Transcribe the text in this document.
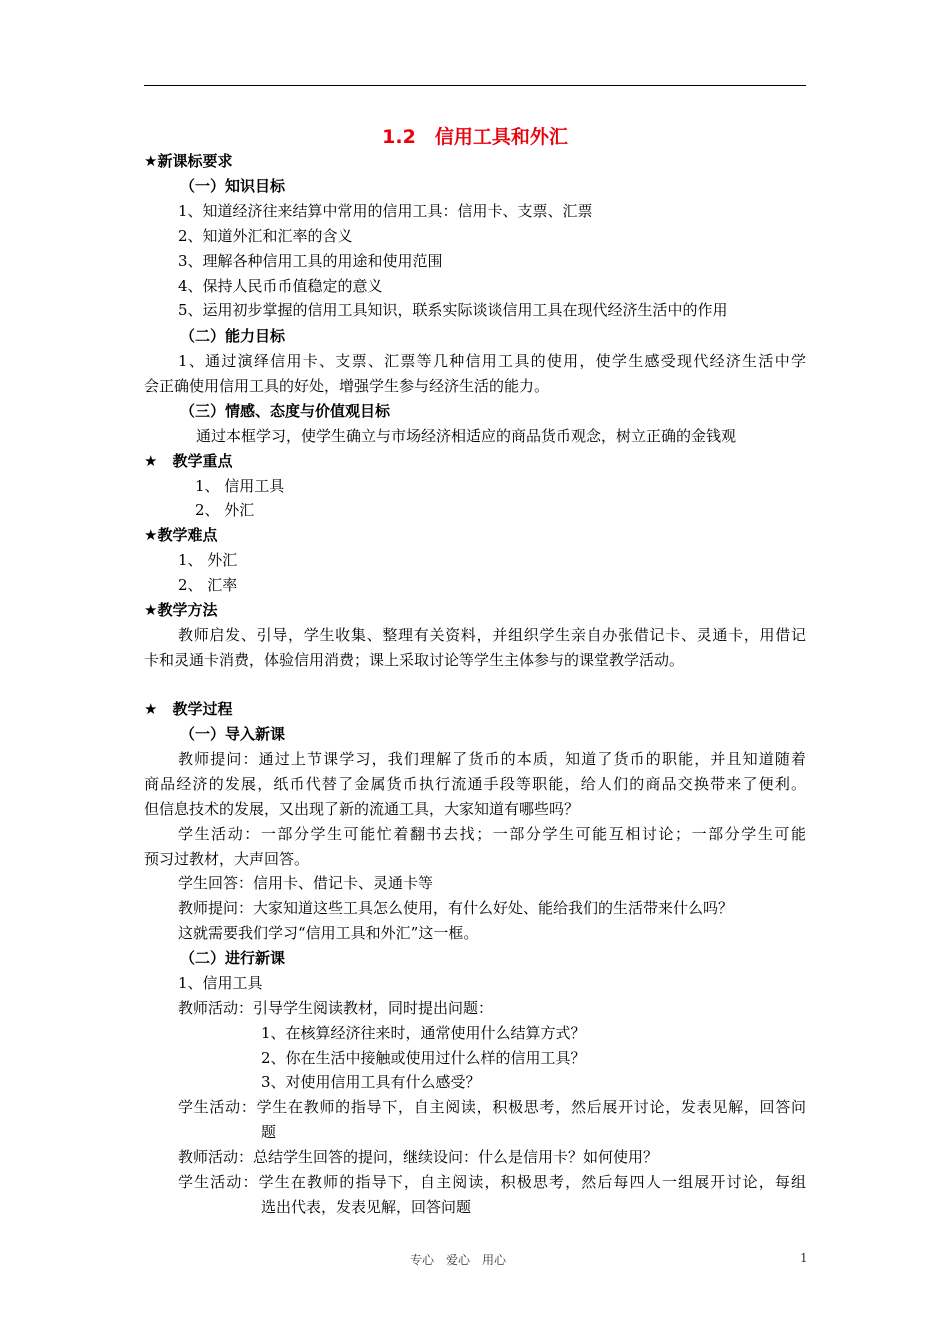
1.2　信用工具和外汇
★新课标要求
（一）知识目标
1、知道经济往来结算中常用的信用工具：信用卡、支票、汇票
2、知道外汇和汇率的含义
3、理解各种信用工具的用途和使用范围
4、保持人民币币值稳定的意义
5、运用初步掌握的信用工具知识，联系实际谈谈信用工具在现代经济生活中的作用
（二）能力目标
1、通过演绎信用卡、支票、汇票等几种信用工具的使用，使学生感受现代经济生活中学
会正确使用信用工具的好处，增强学生参与经济生活的能力。
（三）情感、态度与价值观目标
通过本框学习，使学生确立与市场经济相适应的商品货币观念，树立正确的金钱观
★　教学重点
1、 信用工具
2、 外汇
★教学难点
1、 外汇
2、 汇率
★教学方法
教师启发、引导，学生收集、整理有关资料，并组织学生亲自办张借记卡、灵通卡，用借记
卡和灵通卡消费，体验信用消费；课上采取讨论等学生主体参与的课堂教学活动。
★　教学过程
（一）导入新课
教师提问：通过上节课学习，我们理解了货币的本质，知道了货币的职能，并且知道随着
商品经济的发展，纸币代替了金属货币执行流通手段等职能，给人们的商品交换带来了便利。
但信息技术的发展，又出现了新的流通工具，大家知道有哪些吗？
学生活动：一部分学生可能忙着翻书去找；一部分学生可能互相讨论；一部分学生可能
预习过教材，大声回答。
学生回答：信用卡、借记卡、灵通卡等
教师提问：大家知道这些工具怎么使用，有什么好处、能给我们的生活带来什么吗？
这就需要我们学习“信用工具和外汇”这一框。
（二）进行新课
1、信用工具
教师活动：引导学生阅读教材，同时提出问题：
1、在核算经济往来时，通常使用什么结算方式？
2、你在生活中接触或使用过什么样的信用工具？
3、对使用信用工具有什么感受？
学生活动：学生在教师的指导下，自主阅读，积极思考，然后展开讨论，发表见解，回答问
题
教师活动：总结学生回答的提问，继续设问：什么是信用卡？如何使用？
学生活动：学生在教师的指导下，自主阅读，积极思考，然后每四人一组展开讨论，每组
选出代表，发表见解，回答问题
专心　爱心　用心	1
